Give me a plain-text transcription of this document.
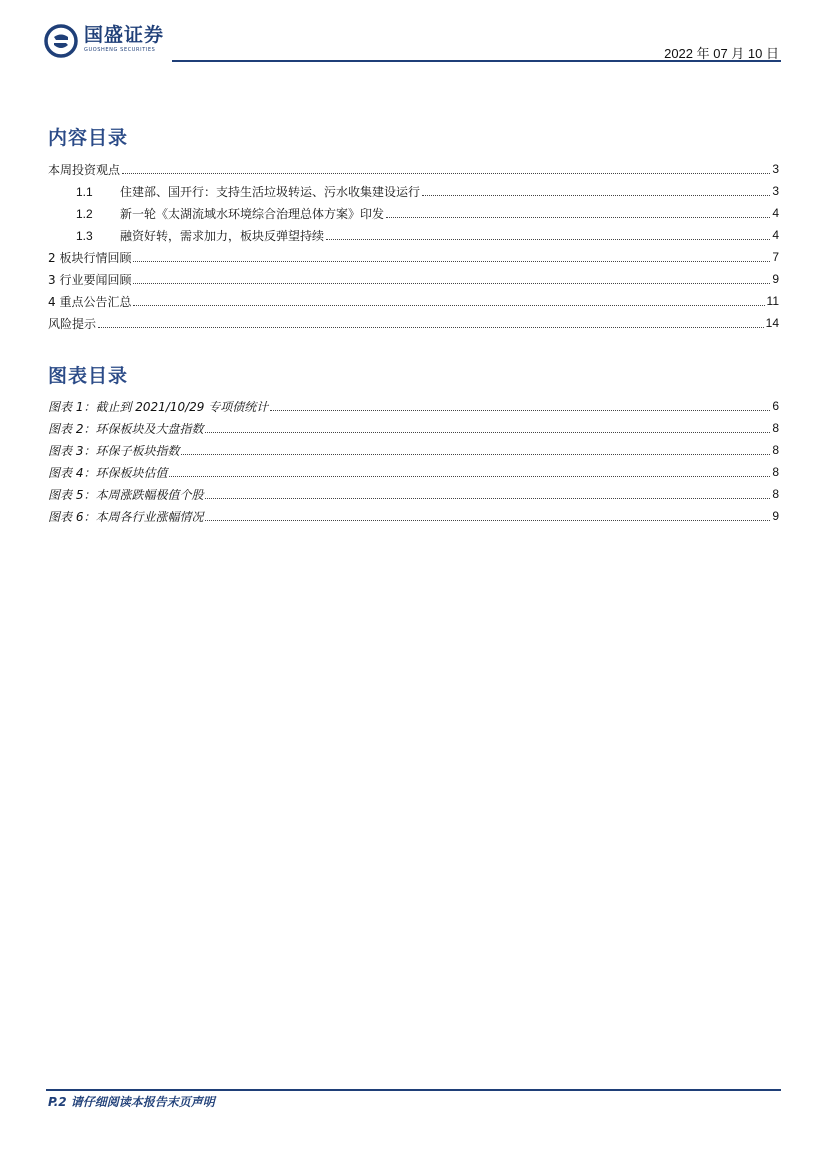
国盛证券
GUOSHENG SECURITIES	2022 年 07 月 10 日
内容目录
本周投资观点	3
1.1 住建部、国开行：支持生活垃圾转运、污水收集建设运行	3
1.2 新一轮《太湖流域水环境综合治理总体方案》印发	4
1.3 融资好转，需求加力，板块反弹望持续	4
2 板块行情回顾	7
3 行业要闻回顾	9
4 重点公告汇总	11
风险提示	14
图表目录
图表 1：截止到 2021/10/29 专项债统计	6
图表 2：环保板块及大盘指数	8
图表 3：环保子板块指数	8
图表 4：环保板块估值	8
图表 5：本周涨跌幅极值个股	8
图表 6：本周各行业涨幅情况	9
P.2 请仔细阅读本报告末页声明
